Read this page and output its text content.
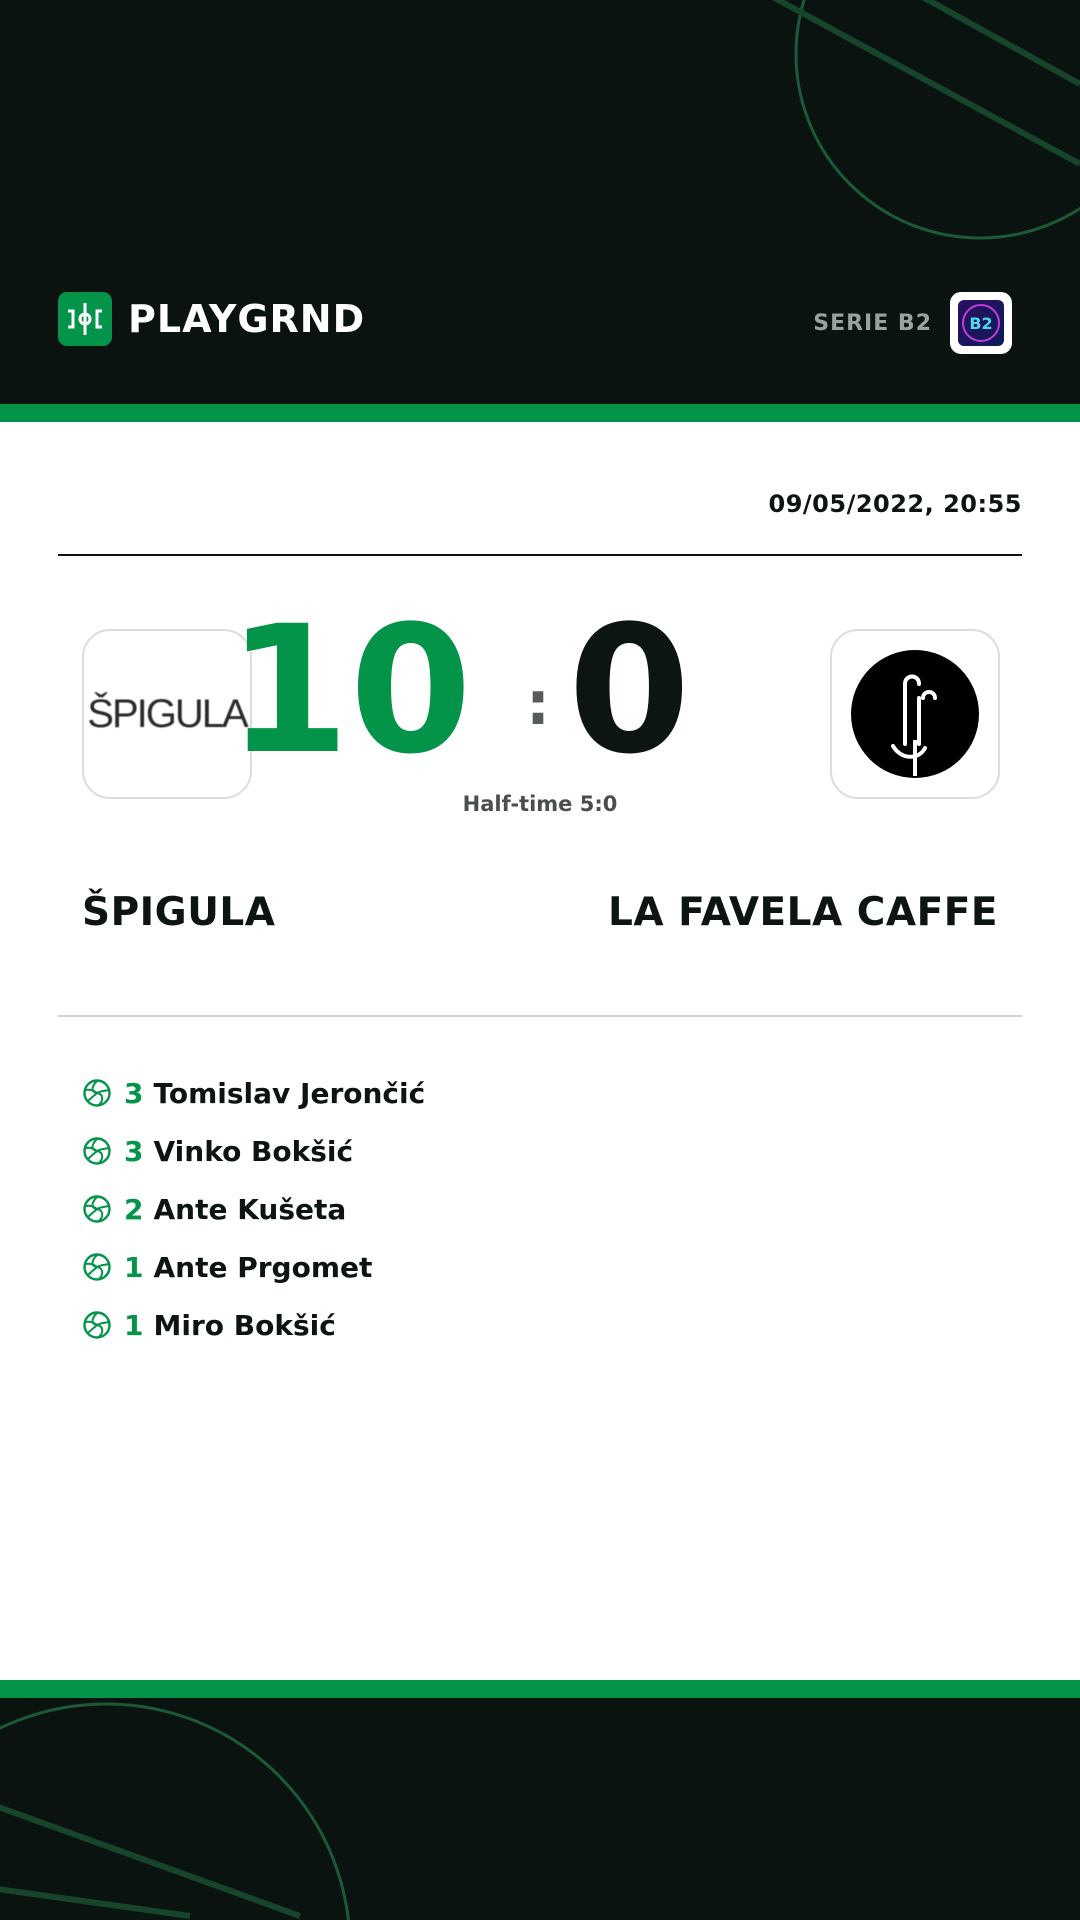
PLAYGRND	SERIE B2 B2
09/05/2022, 20:55
ŠPIGULA
10 : 0
Half-time 5:0
ŠPIGULA	LA FAVELA CAFFE
3 Tomislav Jerončić
3 Vinko Bokšić
2 Ante Kušeta
1 Ante Prgomet
1 Miro Bokšić
